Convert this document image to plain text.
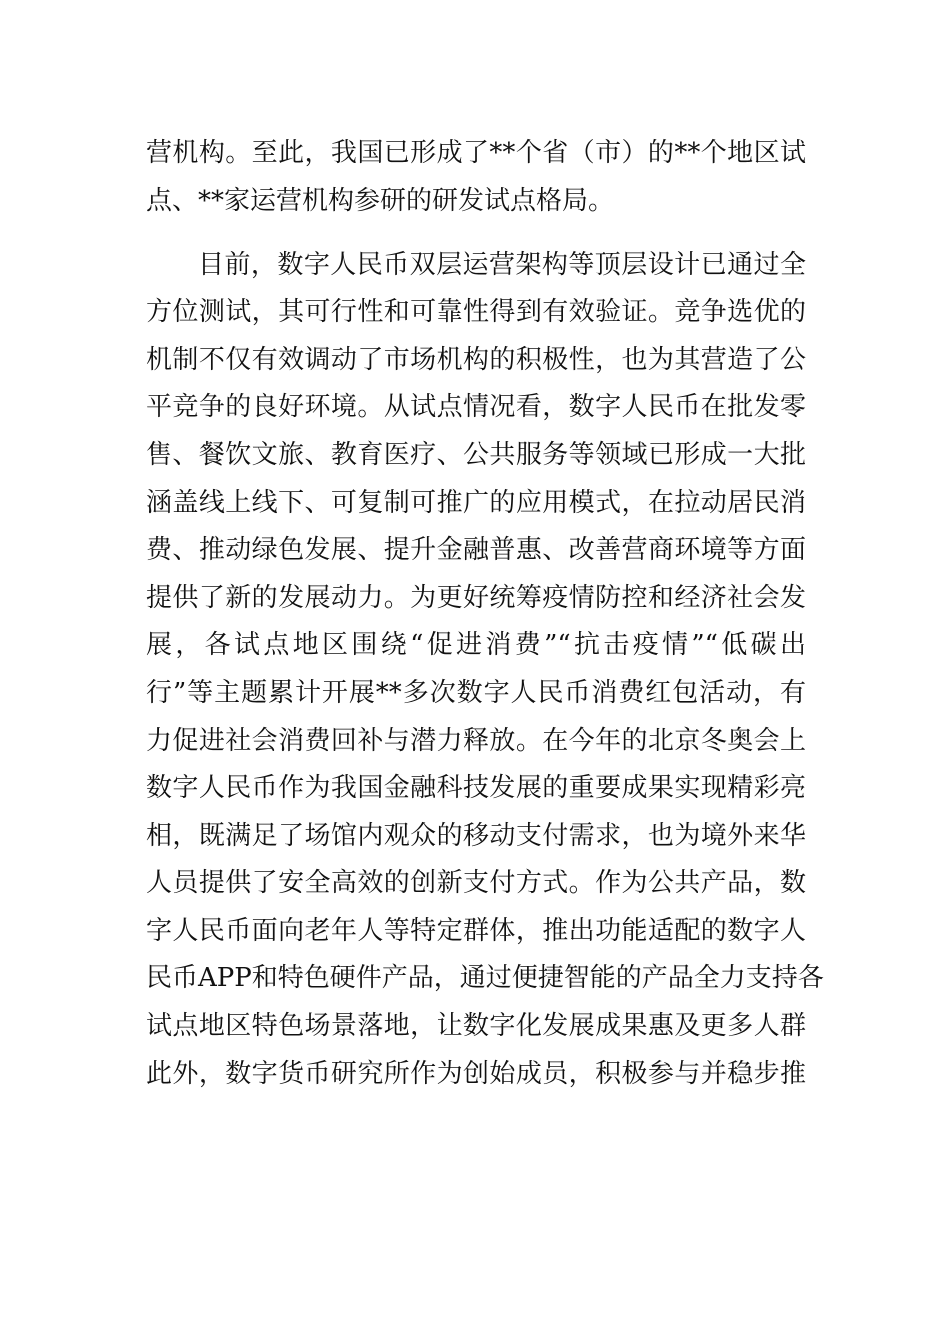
营机构。至此，我国已形成了**个省（市）的**个地区试
点、**家运营机构参研的研发试点格局。
目前，数字人民币双层运营架构等顶层设计已通过全
方位测试，其可行性和可靠性得到有效验证。竞争选优的
机制不仅有效调动了市场机构的积极性，也为其营造了公
平竞争的良好环境。从试点情况看，数字人民币在批发零
售、餐饮文旅、教育医疗、公共服务等领域已形成一大批
涵盖线上线下、可复制可推广的应用模式，在拉动居民消
费、推动绿色发展、提升金融普惠、改善营商环境等方面
提供了新的发展动力。为更好统筹疫情防控和经济社会发
展，各试点地区围绕“促进消费”“抗击疫情”“低碳出
行”等主题累计开展**多次数字人民币消费红包活动，有
力促进社会消费回补与潜力释放。在今年的北京冬奥会上
数字人民币作为我国金融科技发展的重要成果实现精彩亮
相，既满足了场馆内观众的移动支付需求，也为境外来华
人员提供了安全高效的创新支付方式。作为公共产品，数
字人民币面向老年人等特定群体，推出功能适配的数字人
民币APP和特色硬件产品，通过便捷智能的产品全力支持各
试点地区特色场景落地，让数字化发展成果惠及更多人群
此外，数字货币研究所作为创始成员，积极参与并稳步推
